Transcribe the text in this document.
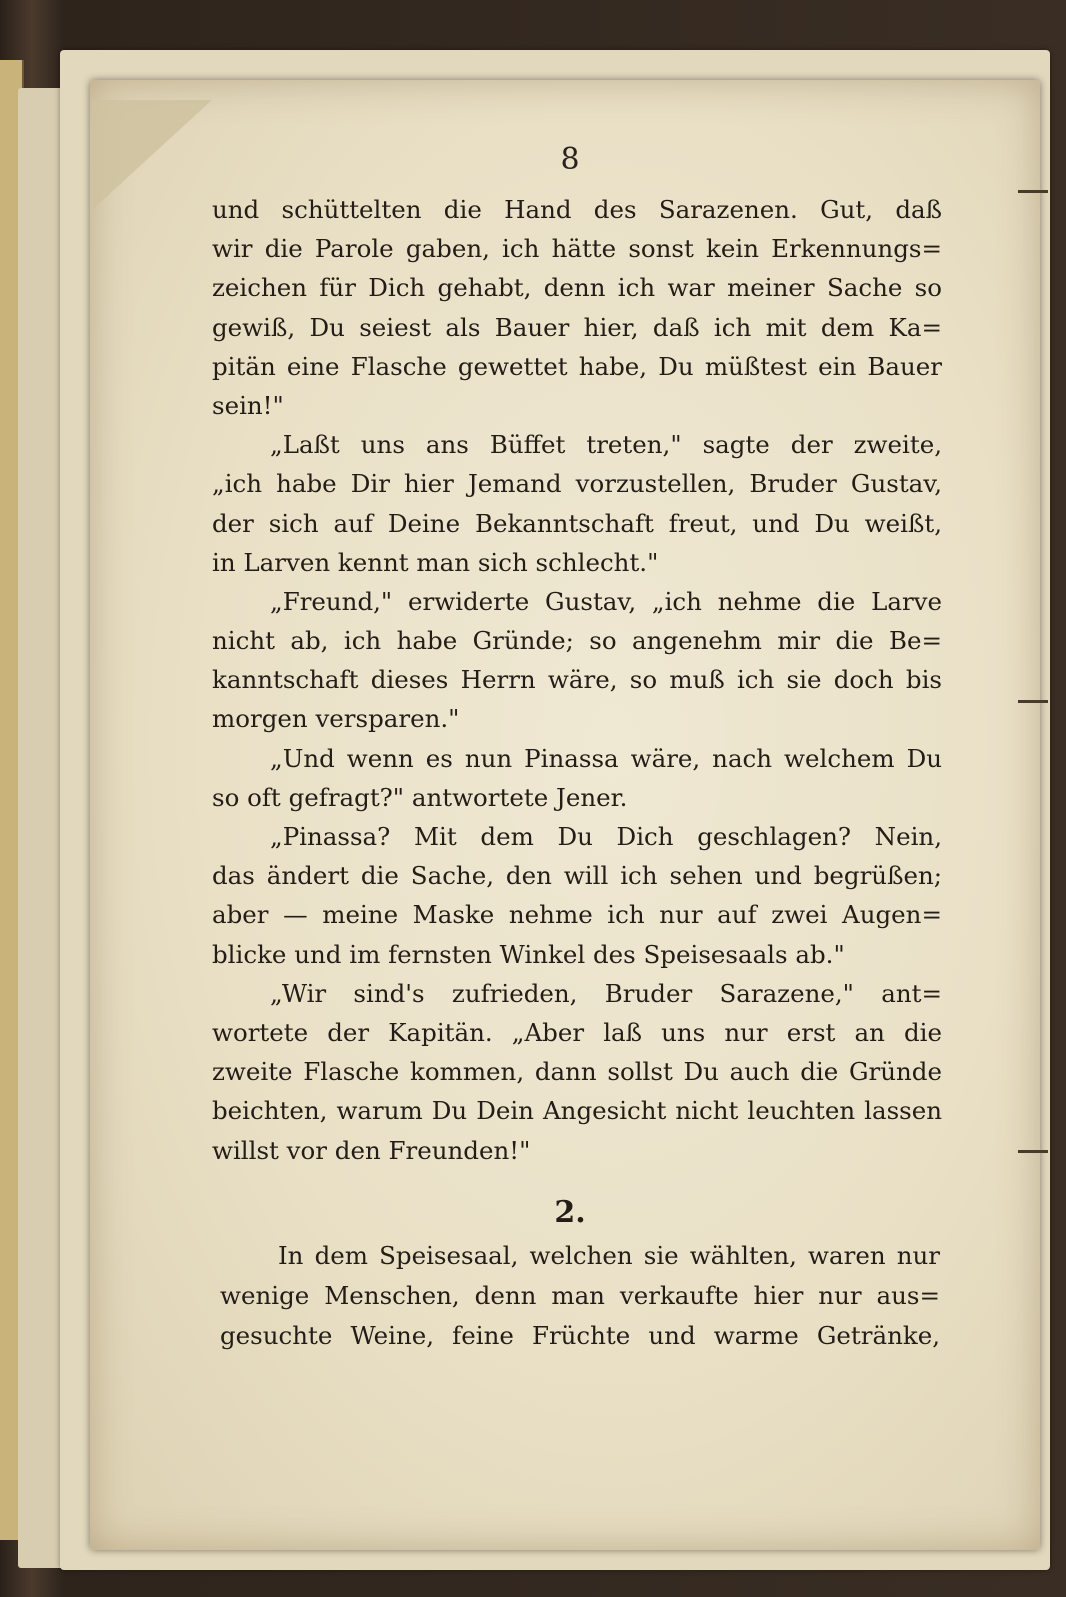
8
und schüttelten die Hand des Sarazenen. Gut, daß
wir die Parole gaben, ich hätte sonst kein Erkennungs=
zeichen für Dich gehabt, denn ich war meiner Sache so
gewiß, Du seiest als Bauer hier, daß ich mit dem Ka=
pitän eine Flasche gewettet habe, Du müßtest ein Bauer
sein!"
„Laßt uns ans Büffet treten," sagte der zweite,
„ich habe Dir hier Jemand vorzustellen, Bruder Gustav,
der sich auf Deine Bekanntschaft freut, und Du weißt,
in Larven kennt man sich schlecht."
„Freund," erwiderte Gustav, „ich nehme die Larve
nicht ab, ich habe Gründe; so angenehm mir die Be=
kanntschaft dieses Herrn wäre, so muß ich sie doch bis
morgen versparen."
„Und wenn es nun Pinassa wäre, nach welchem Du
so oft gefragt?" antwortete Jener.
„Pinassa? Mit dem Du Dich geschlagen? Nein,
das ändert die Sache, den will ich sehen und begrüßen;
aber — meine Maske nehme ich nur auf zwei Augen=
blicke und im fernsten Winkel des Speisesaals ab."
„Wir sind's zufrieden, Bruder Sarazene," ant=
wortete der Kapitän. „Aber laß uns nur erst an die
zweite Flasche kommen, dann sollst Du auch die Gründe
beichten, warum Du Dein Angesicht nicht leuchten lassen
willst vor den Freunden!"
2.
In dem Speisesaal, welchen sie wählten, waren nur
wenige Menschen, denn man verkaufte hier nur aus=
gesuchte Weine, feine Früchte und warme Getränke,
